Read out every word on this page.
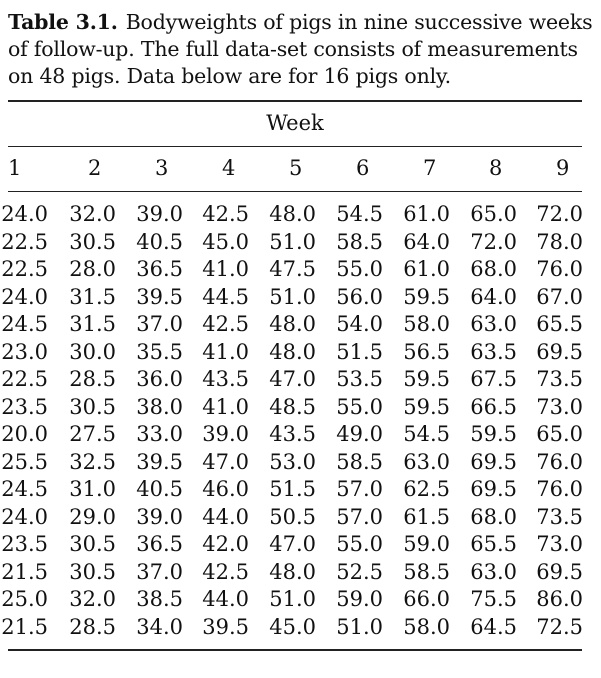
Table 3.1. Bodyweights of pigs in nine successive weeks of follow-up. The full data-set consists of measurements on 48 pigs. Data below are for 16 pigs only.
Week
1	2	3	4	5	6	7	8	9
24.0	32.0 39.0 42.5 48.0 54.5 61.0 65.0 72.0
22.5	30.5 40.5 45.0 51.0 58.5 64.0 72.0 78.0
22.5	28.0 36.5 41.0 47.5 55.0 61.0 68.0 76.0
24.0	31.5 39.5 44.5 51.0 56.0 59.5 64.0 67.0
24.5	31.5 37.0 42.5 48.0 54.0 58.0 63.0 65.5
23.0	30.0 35.5 41.0 48.0 51.5 56.5 63.5 69.5
22.5	28.5 36.0 43.5 47.0 53.5 59.5 67.5 73.5
23.5	30.5 38.0 41.0 48.5 55.0 59.5 66.5 73.0
20.0	27.5 33.0 39.0 43.5 49.0 54.5 59.5 65.0
25.5	32.5 39.5 47.0 53.0 58.5 63.0 69.5 76.0
24.5	31.0 40.5 46.0 51.5 57.0 62.5 69.5 76.0
24.0	29.0 39.0 44.0 50.5 57.0 61.5 68.0 73.5
23.5	30.5 36.5 42.0 47.0 55.0 59.0 65.5 73.0
21.5	30.5 37.0 42.5 48.0 52.5 58.5 63.0 69.5
25.0	32.0 38.5 44.0 51.0 59.0 66.0 75.5 86.0
21.5	28.5 34.0 39.5 45.0 51.0 58.0 64.5 72.5
